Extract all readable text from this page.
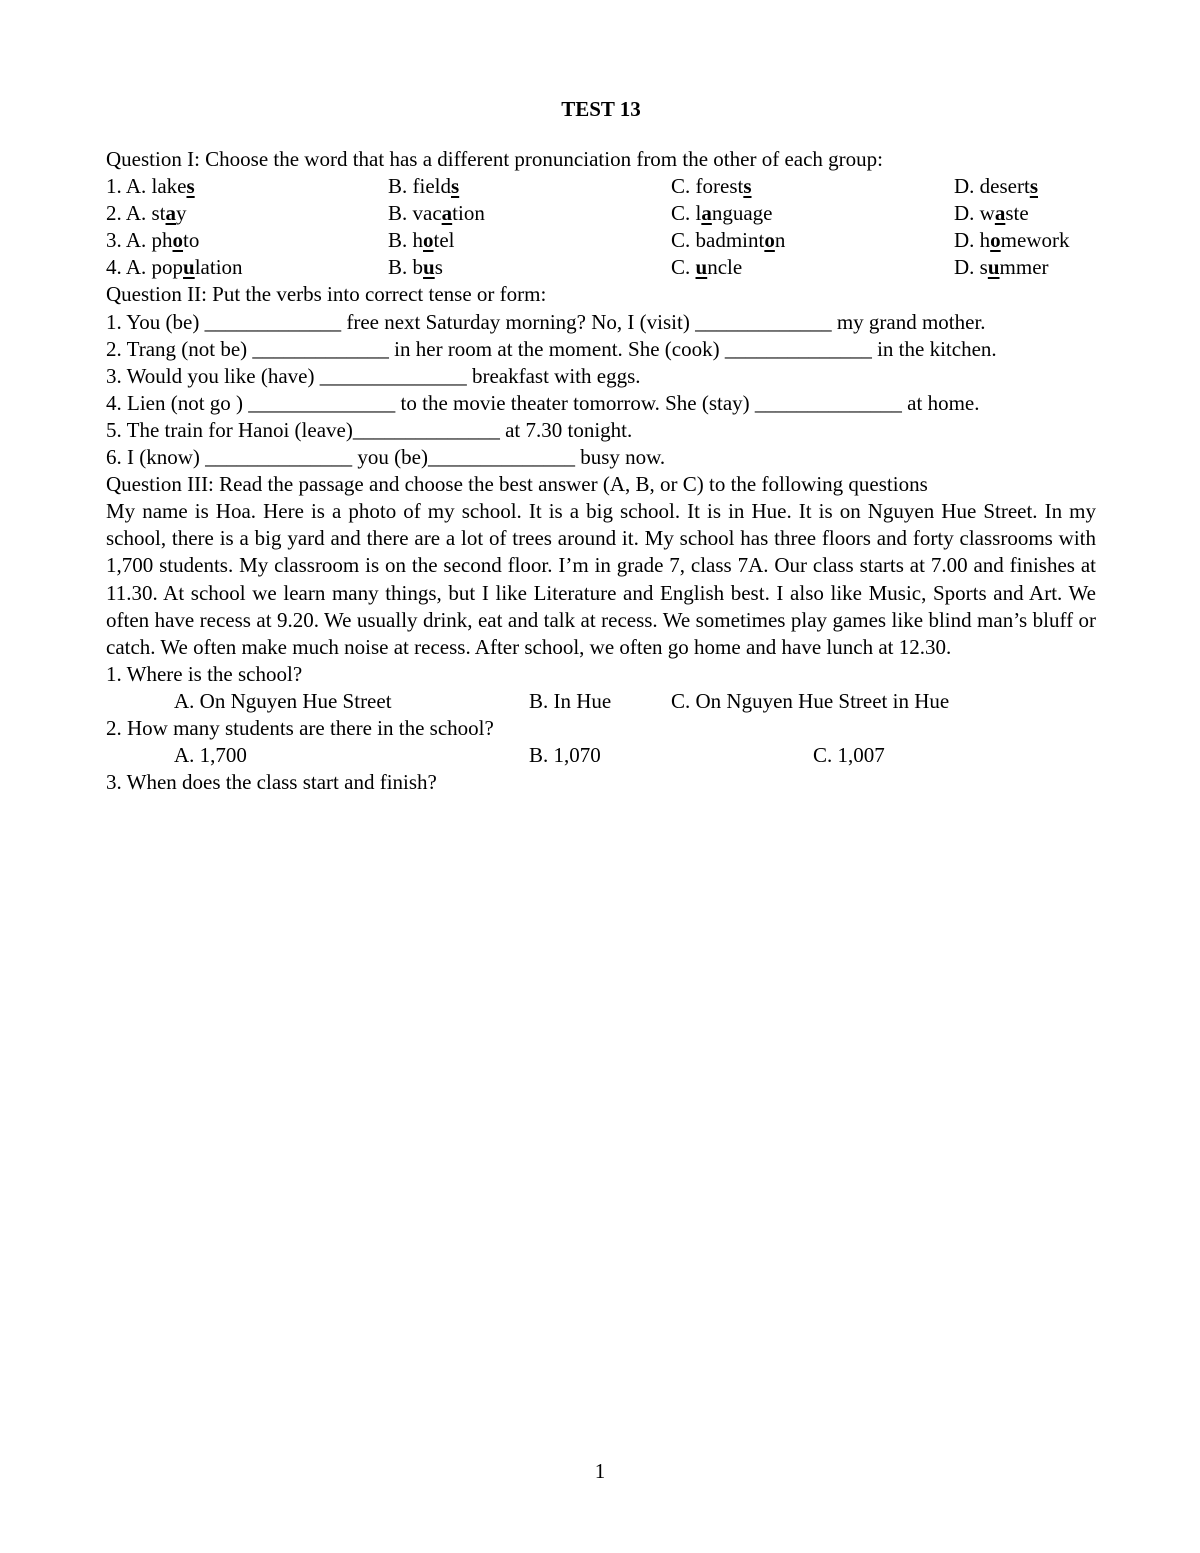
TEST 13
Question I: Choose the word that has a different pronunciation from the other of each group:
1. A. lakes	B. fields	C. forests	D. deserts
2. A. stay	B. vacation	C. language	D. waste
3. A. photo	B. hotel	C. badminton	D. homework
4. A. population	B. bus	C. uncle	D. summer
Question II: Put the verbs into correct tense or form:
1. You (be) _____________ free next Saturday morning? No, I (visit) _____________ my grand mother.
2. Trang (not be) _____________ in her room at the moment. She (cook) ______________ in the kitchen.
3. Would you like (have) ______________ breakfast with eggs.
4. Lien (not go ) ______________ to the movie theater tomorrow. She (stay) ______________ at home.
5. The train for Hanoi (leave)______________ at 7.30 tonight.
6. I (know) ______________ you (be)______________ busy now.
Question III: Read the passage and choose the best answer (A, B, or C) to the following questions
My name is Hoa. Here is a photo of my school. It is a big school. It is in Hue. It is on Nguyen Hue Street. In my school, there is a big yard and there are a lot of trees around it. My school has three floors and forty classrooms with 1,700 students. My classroom is on the second floor. I’m in grade 7, class 7A. Our class starts at 7.00 and finishes at 11.30. At school we learn many things, but I like Literature and English best. I also like Music, Sports and Art. We often have recess at 9.20. We usually drink, eat and talk at recess. We sometimes play games like blind man’s bluff or catch. We often make much noise at recess. After school, we often go home and have lunch at 12.30.
1. Where is the school?
A. On Nguyen Hue Street	B. In Hue	C. On Nguyen Hue Street in Hue
2. How many students are there in the school?
A. 1,700	B. 1,070	C. 1,007
3. When does the class start and finish?
1
